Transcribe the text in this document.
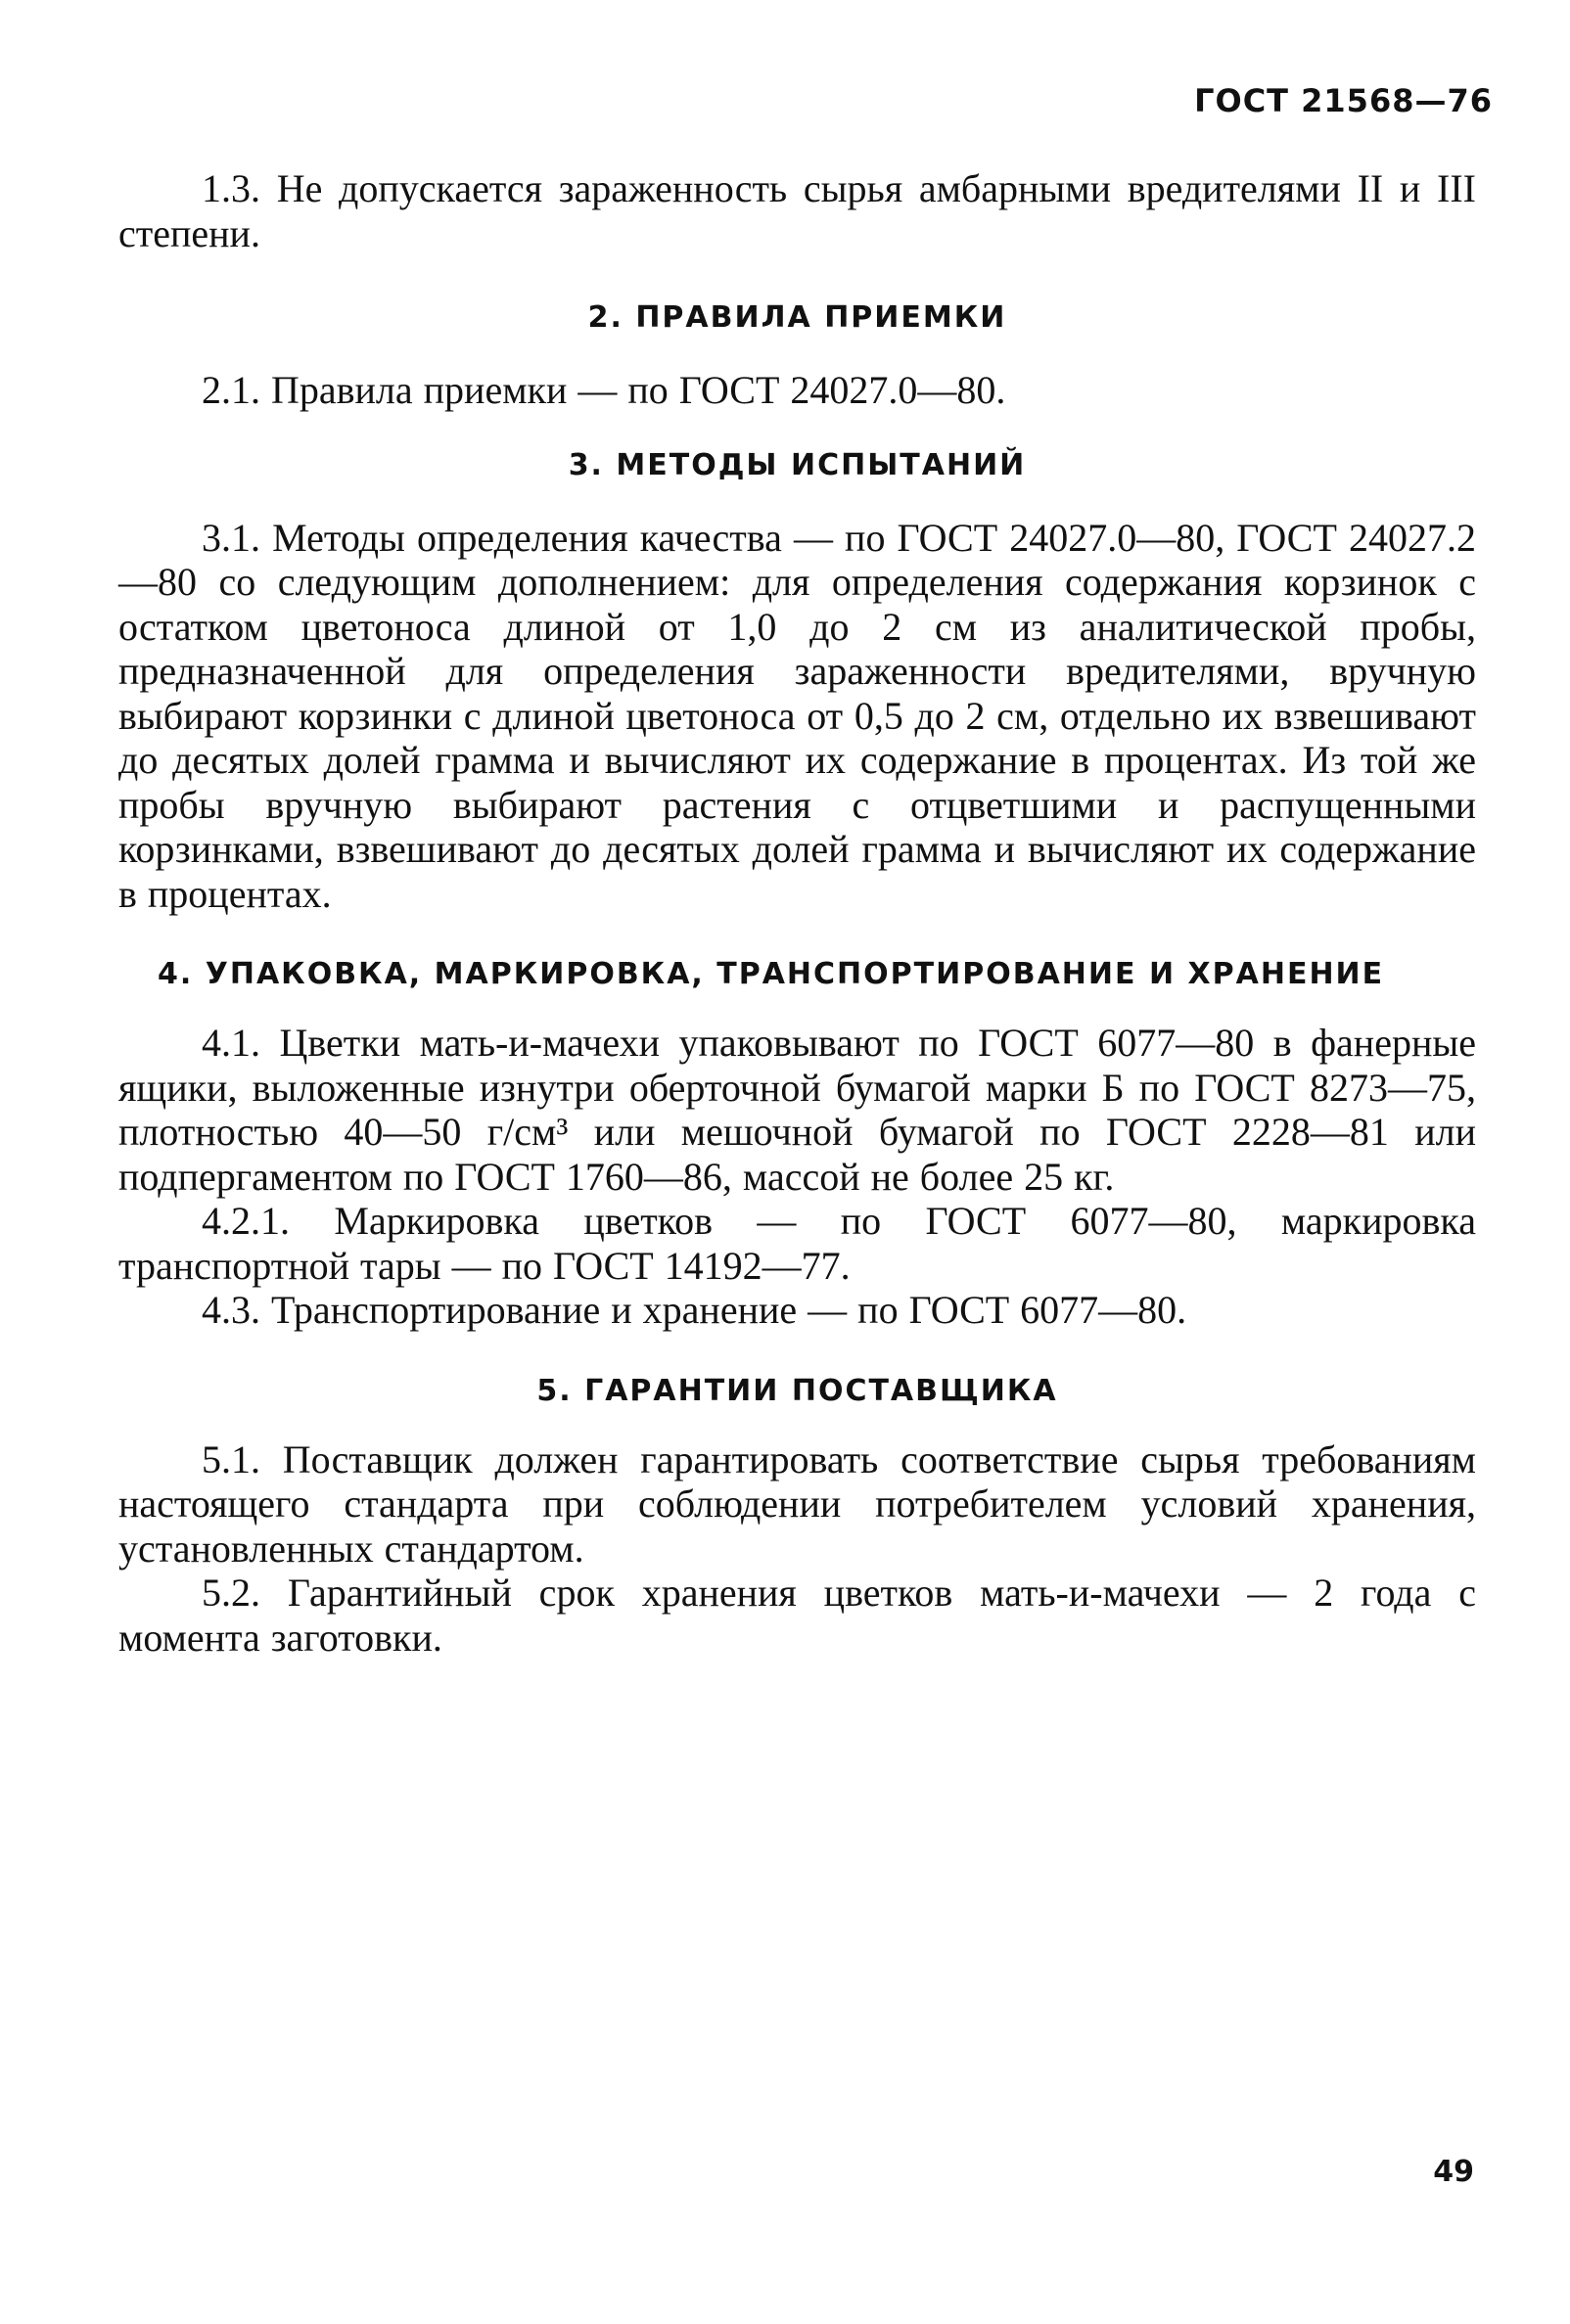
ГОСТ 21568—76

1.3. Не допускается зараженность сырья амбарными вредителями II и III степени.

2. ПРАВИЛА ПРИЕМКИ

2.1. Правила приемки — по ГОСТ 24027.0—80.

3. МЕТОДЫ ИСПЫТАНИЙ

3.1. Методы определения качества — по ГОСТ 24027.0—80, ГОСТ 24027.2—80 со следующим дополнением: для определения содержания корзинок с остатком цветоноса длиной от 1,0 до 2 см из аналитической пробы, предназначенной для определения зараженности вредителями, вручную выбирают корзинки с длиной цветоноса от 0,5 до 2 см, отдельно их взвешивают до десятых долей грамма и вычисляют их содержание в процентах. Из той же пробы вручную выбирают растения с отцветшими и распущенными корзинками, взвешивают до десятых долей грамма и вычисляют их содержание в процентах.

4. УПАКОВКА, МАРКИРОВКА, ТРАНСПОРТИРОВАНИЕ И ХРАНЕНИЕ

4.1. Цветки мать-и-мачехи упаковывают по ГОСТ 6077—80 в фанерные ящики, выложенные изнутри оберточной бумагой марки Б по ГОСТ 8273—75, плотностью 40—50 г/см³ или мешочной бумагой по ГОСТ 2228—81 или подпергаментом по ГОСТ 1760—86, массой не более 25 кг.

4.2.1. Маркировка цветков — по ГОСТ 6077—80, маркировка транспортной тары — по ГОСТ 14192—77.

4.3. Транспортирование и хранение — по ГОСТ 6077—80.

5. ГАРАНТИИ ПОСТАВЩИКА

5.1. Поставщик должен гарантировать соответствие сырья требованиям настоящего стандарта при соблюдении потребителем условий хранения, установленных стандартом.

5.2. Гарантийный срок хранения цветков мать-и-мачехи — 2 года с момента заготовки.

49
